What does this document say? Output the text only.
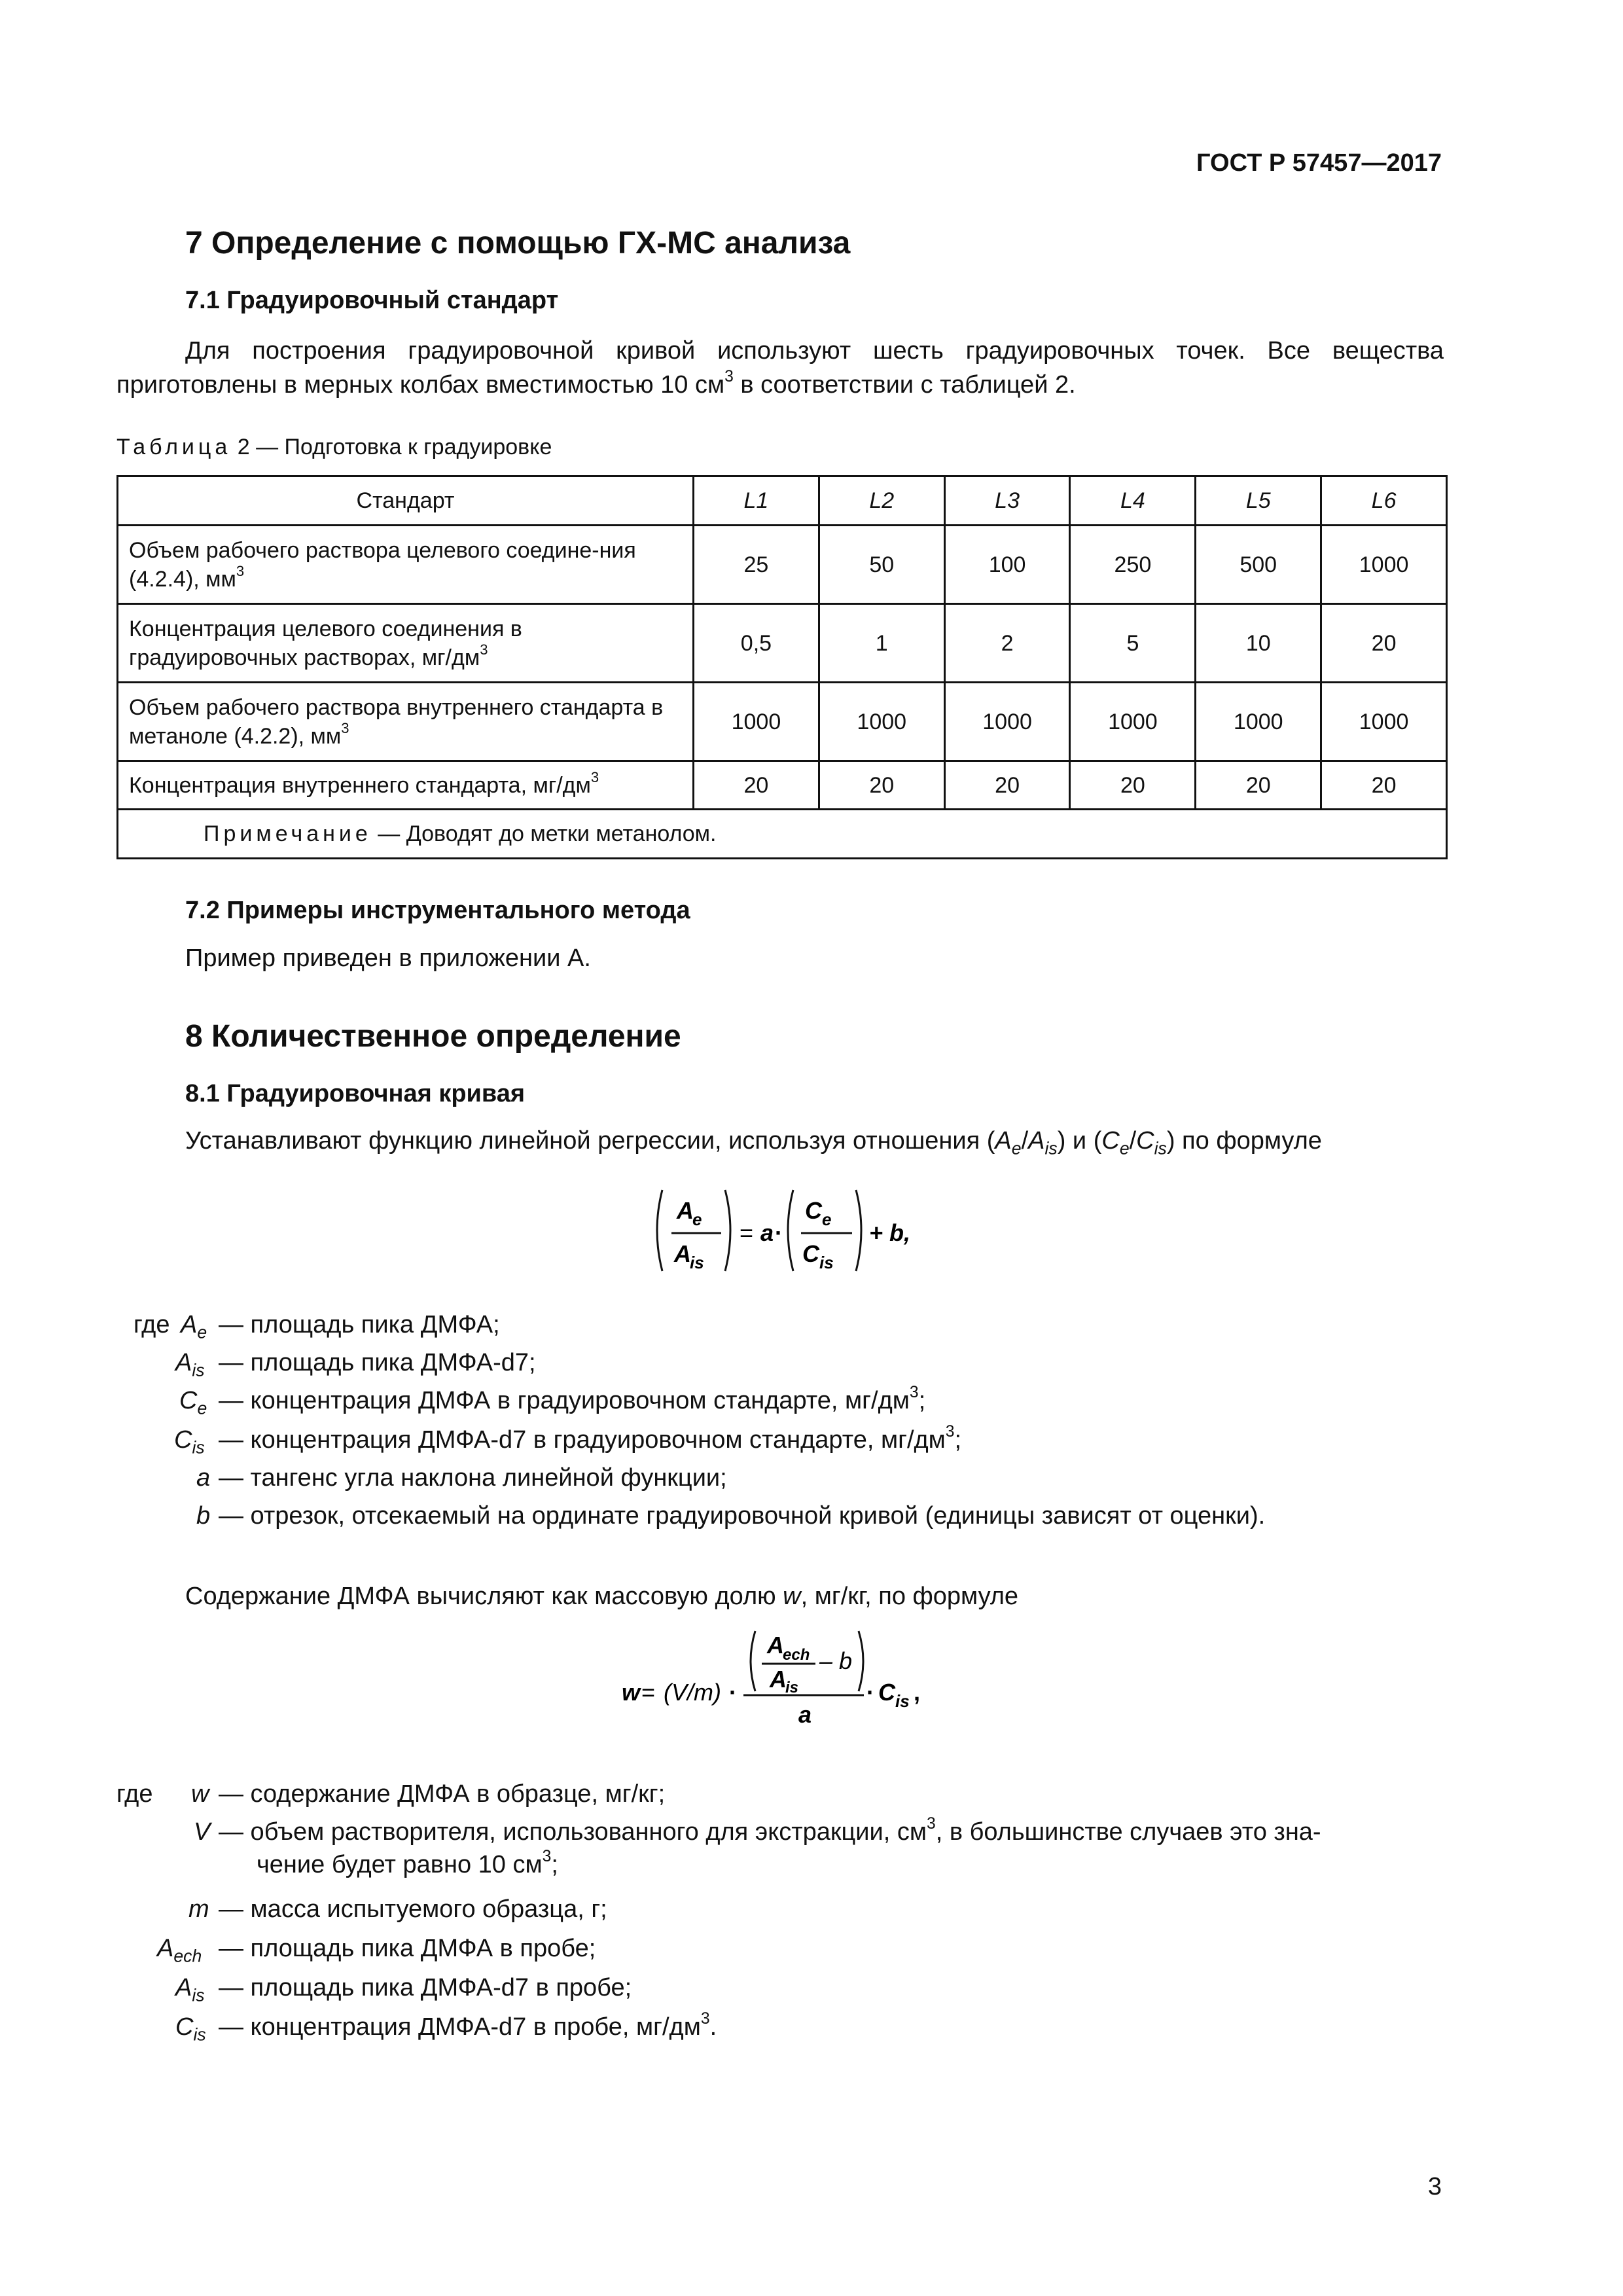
ГОСТ Р 57457—2017
7 Определение с помощью ГХ-МС анализа
7.1 Градуировочный стандарт
Для построения градуировочной кривой используют шесть градуировочных точек. Все вещества приготовлены в мерных колбах вместимостью 10 $см^3$ в соответствии с таблицей 2.
Таблица 2 — Подготовка к градуировке
Стандарт	L1	L2	L3	L4	L5	L6
Объем рабочего раствора целевого соедине-ния (4.2.4), $мм^3$	25	50	100	250	500	1000
Концентрация целевого соединения в градуировочных растворах, $мг/дм^3$	0,5	1	2	5	10	20
Объем рабочего раствора внутреннего стандарта в метаноле (4.2.2), $мм^3$	1000	1000	1000	1000	1000	1000
Концентрация внутреннего стандарта, $мг/дм^3$	20	20	20	20	20	20
Примечание — Доводят до метки метанолом.						
7.2 Примеры инструментального метода
Пример приведен в приложении А.
8 Количественное определение
8.1 Градуировочная кривая
Устанавливают функцию линейной регрессии, используя отношения $(A_e/A_{is})$ и $(C_e/C_{is})$ по формуле
A
e
A
is
= a ·
C e
C is
+ b,
где $A_e$ — площадь пика ДМФА;
$A_{is}$ — площадь пика ДМФА-d7;
$C_e$ — концентрация ДМФА в градуировочном стандарте, $мг/дм^3$;
$C_{is}$ — концентрация ДМФА-d7 в градуировочном стандарте, $мг/дм^3$;
a — тангенс угла наклона линейной функции;
b — отрезок, отсекаемый на ординате градуировочной кривой (единицы зависят от оценки).
Содержание ДМФА вычисляют как массовую долю w, мг/кг, по формуле
w = (V/m) ·
A
ech
A
is
– b
a
· C is ,
где w — содержание ДМФА в образце, мг/кг;
V — объем растворителя, использованного для экстракции, $см^3$, в большинстве случаев это зна-
чение будет равно 10 $см^3$;
m — масса испытуемого образца, г;
$A_{ech}$ — площадь пика ДМФА в пробе;
$A_{is}$ — площадь пика ДМФА-d7 в пробе;
$C_{is}$ — концентрация ДМФА-d7 в пробе, $мг/дм^3$.
3
